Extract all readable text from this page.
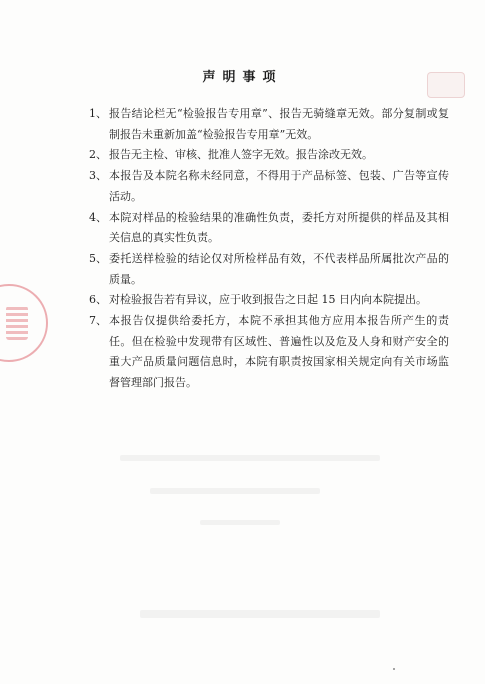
声明事项
1、 报告结论栏无“检验报告专用章”、报告无骑缝章无效。部分复制或复制报告未重新加盖“检验报告专用章”无效。
2、 报告无主检、审核、批准人签字无效。报告涂改无效。
3、 本报告及本院名称未经同意，不得用于产品标签、包装、广告等宣传活动。
4、 本院对样品的检验结果的准确性负责，委托方对所提供的样品及其相关信息的真实性负责。
5、 委托送样检验的结论仅对所检样品有效，不代表样品所属批次产品的质量。
6、 对检验报告若有异议，应于收到报告之日起 15 日内向本院提出。
7、 本报告仅提供给委托方，本院不承担其他方应用本报告所产生的责任。但在检验中发现带有区域性、普遍性以及危及人身和财产安全的重大产品质量问题信息时，本院有职责按国家相关规定向有关市场监督管理部门报告。
